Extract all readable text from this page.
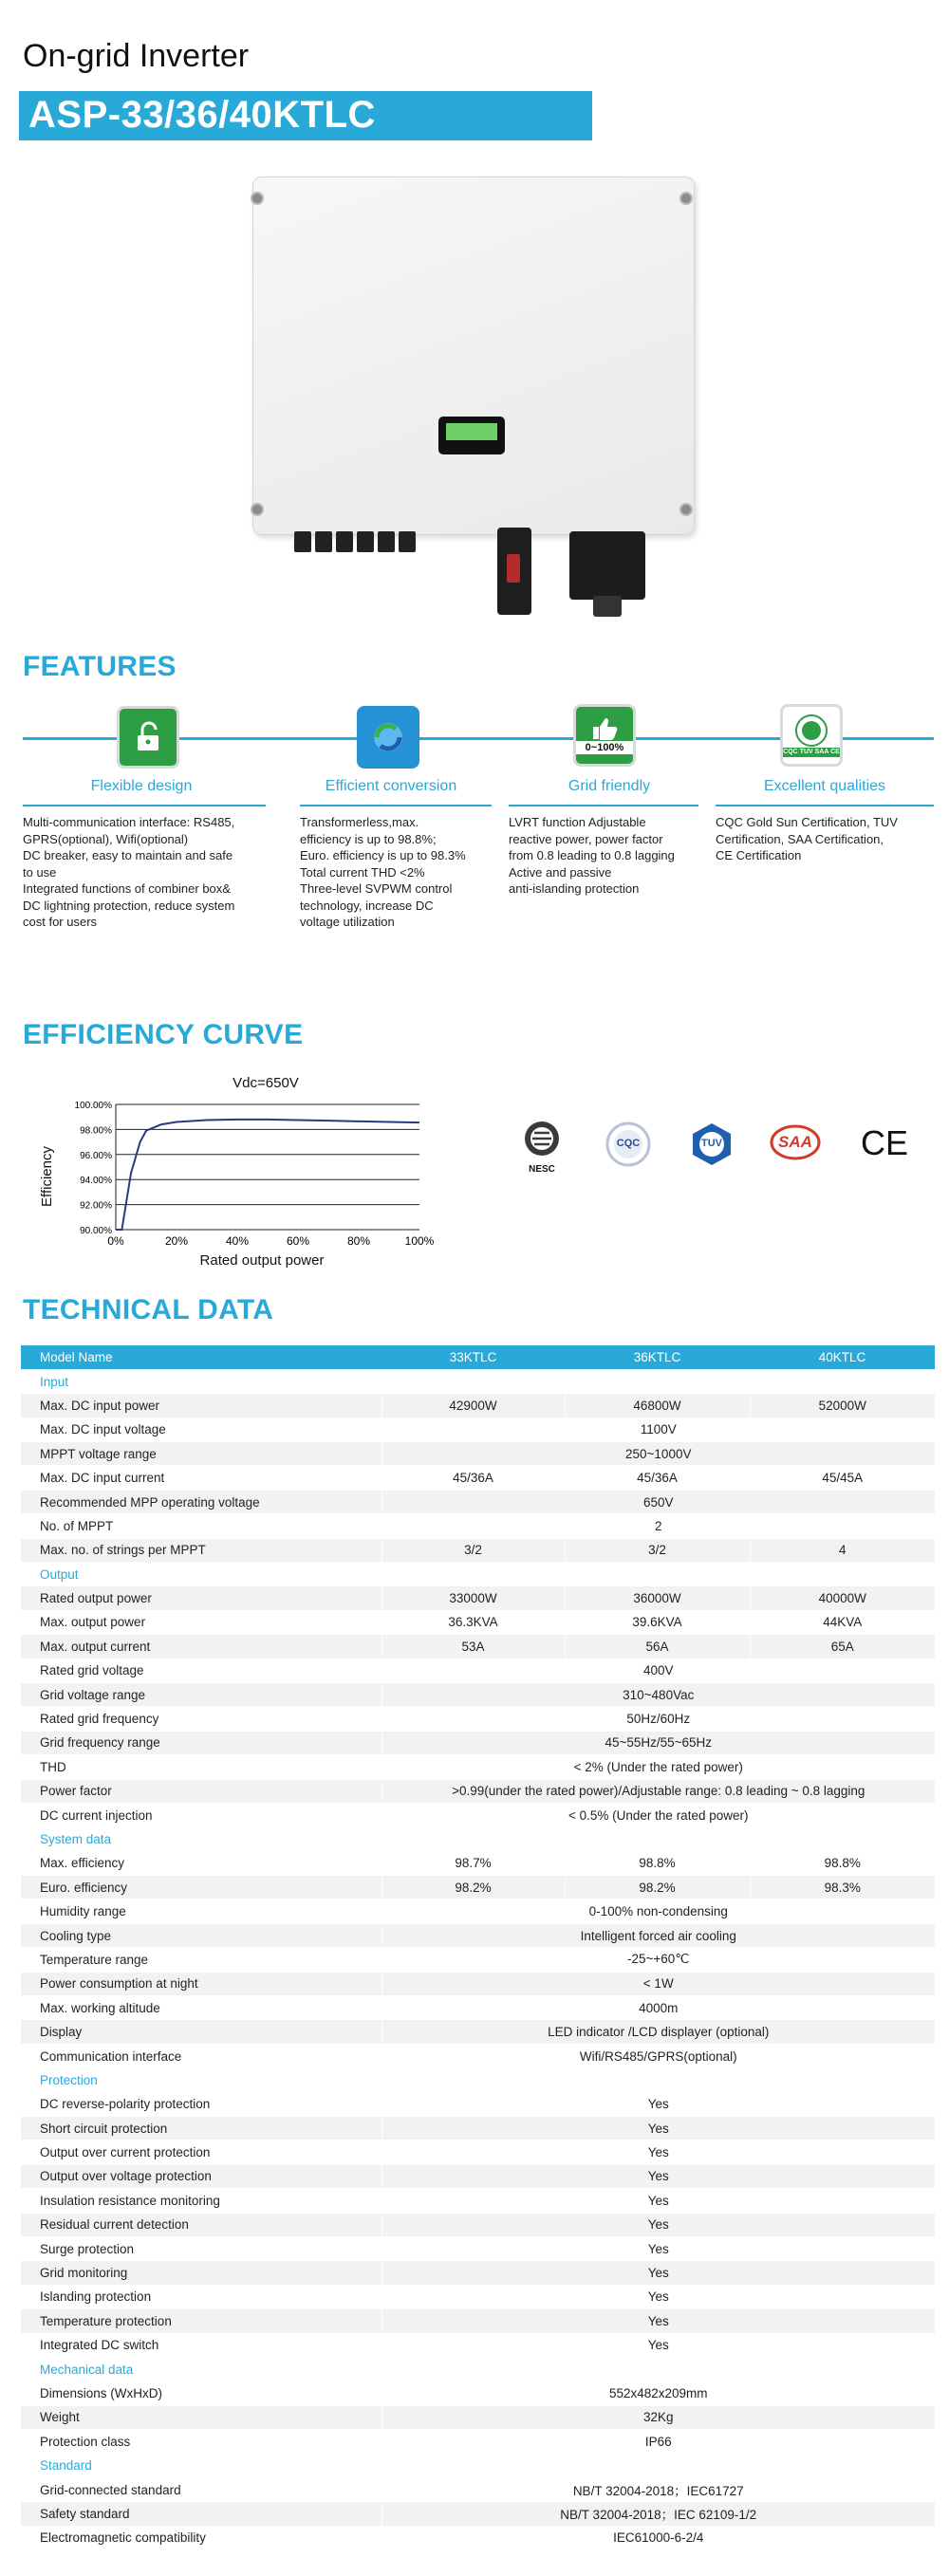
On-grid Inverter
ASP-33/36/40KTLC
FEATURES
0~100%	CQC TUV SAA CE
Flexible design	Efficient conversion	Grid friendly	Excellent qualities
Multi-communication interface: RS485,
GPRS(optional), Wifi(optional)
DC breaker, easy to maintain and safe
to use
Integrated functions of combiner box&
DC lightning protection, reduce system
cost for users
Transformerless,max.
efficiency is up to 98.8%;
Euro. efficiency is up to 98.3%
Total current THD <2%
Three-level SVPWM control
technology, increase DC
voltage utilization
LVRT function Adjustable
reactive power, power factor
from 0.8 leading to 0.8 lagging
Active and passive
anti-islanding protection
CQC Gold Sun Certification, TUV
Certification, SAA Certification,
CE Certification
EFFICIENCY CURVE
Vdc=650V
Efficiency
Rated output power
90.00%
92.00%
94.00%
96.00%
98.00%
100.00%
0%	20%	40%	60%	80%	100%
NESC
CQC	TUV	SAA CE
TECHNICAL DATA
Model Name	33KTLC	36KTLC	40KTLC
Input			
Max. DC input power	42900W	46800W	52000W
Max. DC input voltage	1100V		
MPPT voltage range	250~1000V		
Max. DC input current	45/36A	45/36A	45/45A
Recommended MPP operating voltage	650V		
No. of MPPT	2		
Max. no. of strings per MPPT	3/2	3/2	4
Output			
Rated output power	33000W	36000W	40000W
Max. output power	36.3KVA	39.6KVA	44KVA
Max. output current	53A	56A	65A
Rated grid voltage	400V		
Grid voltage range	310~480Vac		
Rated grid frequency	50Hz/60Hz		
Grid frequency range	45~55Hz/55~65Hz		
THD	< 2% (Under the rated power)		
Power factor	>0.99(under the rated power)/Adjustable range: 0.8 leading ~ 0.8 lagging		
DC current injection	< 0.5% (Under the rated power)		
System data			
Max. efficiency	98.7%	98.8%	98.8%
Euro. efficiency	98.2%	98.2%	98.3%
Humidity range	0-100% non-condensing		
Cooling type	Intelligent forced air cooling		
Temperature range	-25~+60℃		
Power consumption at night	< 1W		
Max. working altitude	4000m		
Display	LED indicator /LCD displayer (optional)		
Communication interface	Wifi/RS485/GPRS(optional)		
Protection			
DC reverse-polarity protection	Yes		
Short circuit protection	Yes		
Output over current protection	Yes		
Output over voltage protection	Yes		
Insulation resistance monitoring	Yes		
Residual current detection	Yes		
Surge protection	Yes		
Grid monitoring	Yes		
Islanding protection	Yes		
Temperature protection	Yes		
Integrated DC switch	Yes		
Mechanical data			
Dimensions (WxHxD)	552x482x209mm		
Weight	32Kg		
Protection class	IP66		
Standard			
Grid-connected standard	NB/T 32004-2018；IEC61727		
Safety standard	NB/T 32004-2018；IEC 62109-1/2		
Electromagnetic compatibility	IEC61000-6-2/4		
